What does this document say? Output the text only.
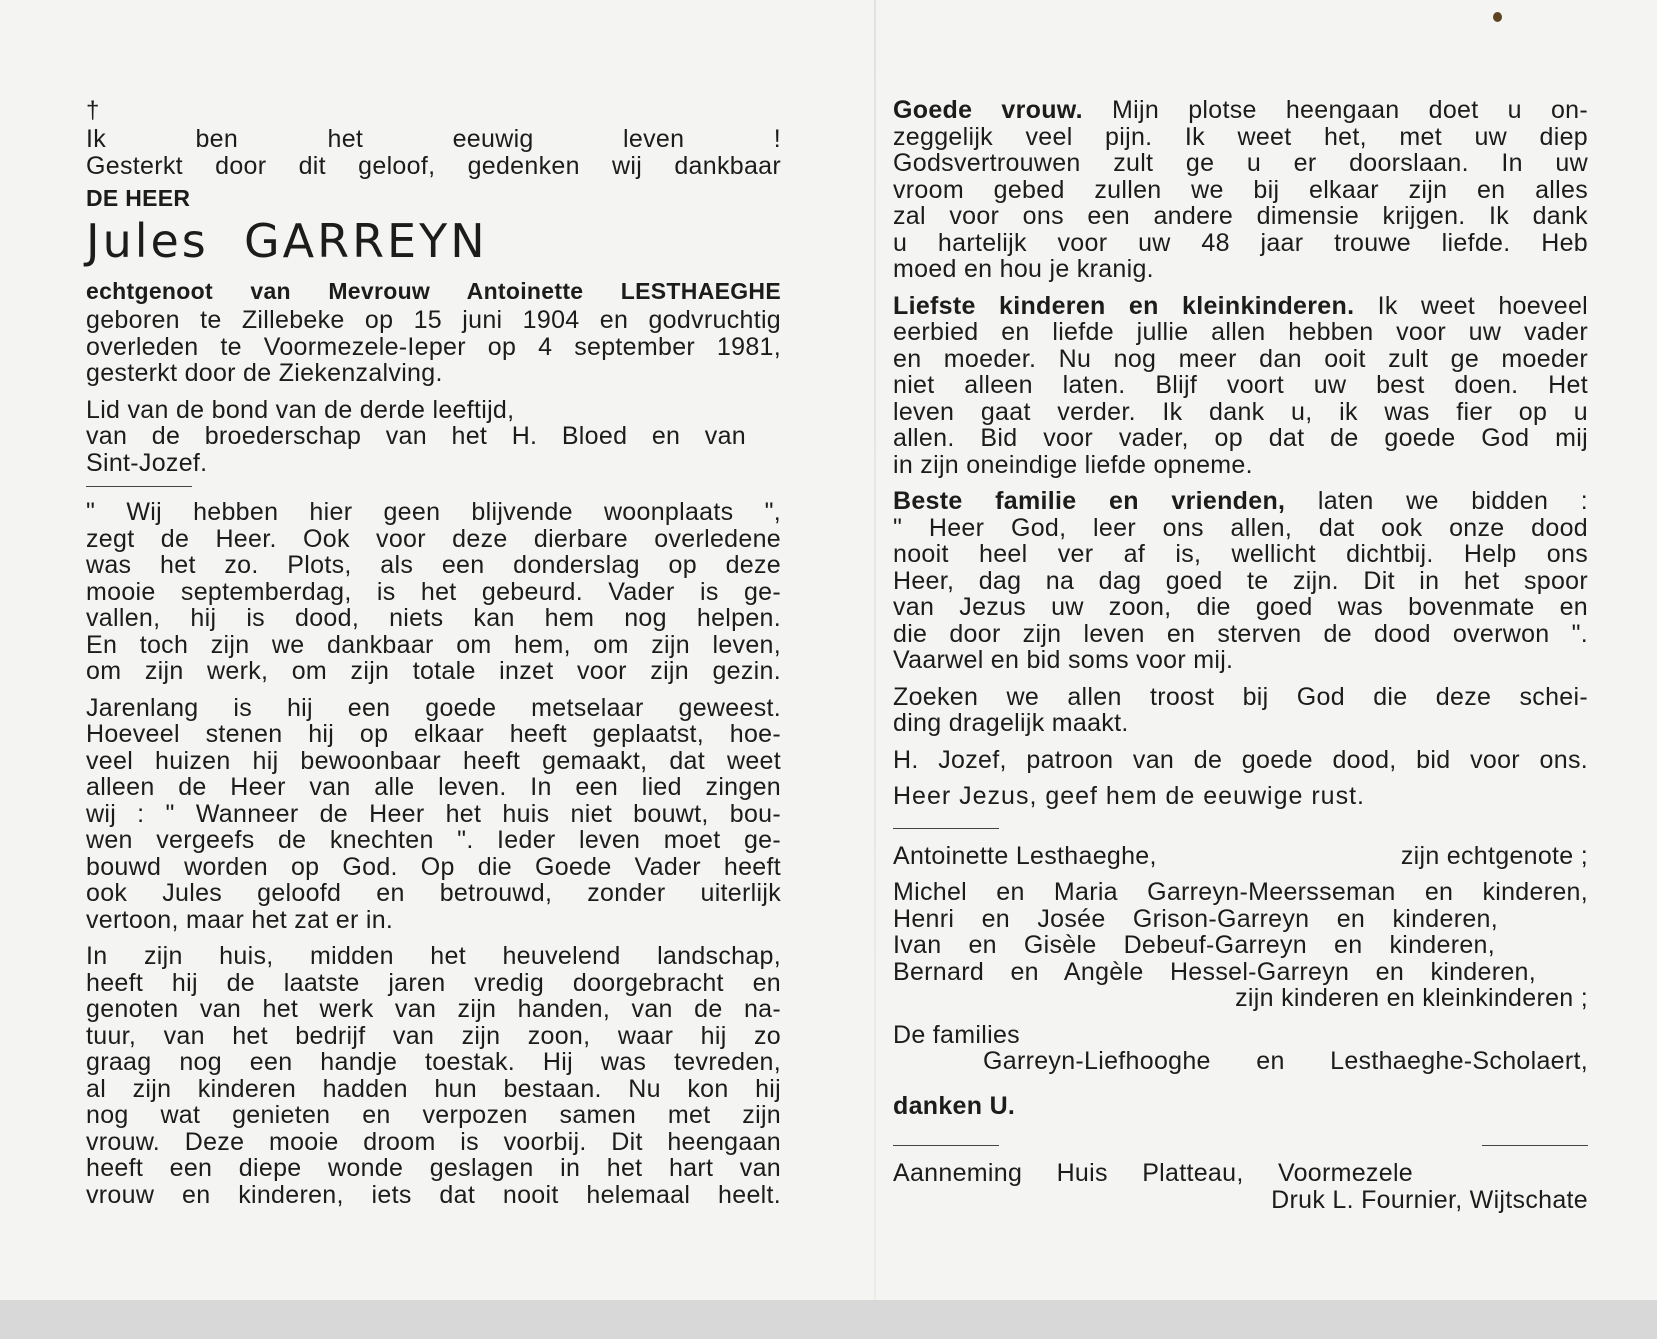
†

Ik ben het eeuwig leven !

Gesterkt door dit geloof, gedenken wij dankbaar

DE HEER

Jules  GARREYN

echtgenoot van Mevrouw Antoinette LESTHAEGHE

geboren te Zillebeke op 15 juni 1904 en godvruchtig

overleden te Voormezele-Ieper op 4 september 1981,

gesterkt door de Ziekenzalving.

Lid van de bond van de derde leeftijd,

van de broederschap van het H. Bloed en van

Sint-Jozef.

" Wij hebben hier geen blijvende woonplaats ",

zegt de Heer. Ook voor deze dierbare overledene

was het zo. Plots, als een donderslag op deze

mooie septemberdag, is het gebeurd. Vader is ge-

vallen, hij is dood, niets kan hem nog helpen.

En toch zijn we dankbaar om hem, om zijn leven,

om zijn werk, om zijn totale inzet voor zijn gezin.

Jarenlang is hij een goede metselaar geweest.

Hoeveel stenen hij op elkaar heeft geplaatst, hoe-

veel huizen hij bewoonbaar heeft gemaakt, dat weet

alleen de Heer van alle leven. In een lied zingen

wij : " Wanneer de Heer het huis niet bouwt, bou-

wen vergeefs de knechten ". Ieder leven moet ge-

bouwd worden op God. Op die Goede Vader heeft

ook Jules geloofd en betrouwd, zonder uiterlijk

vertoon, maar het zat er in.

In zijn huis, midden het heuvelend landschap,

heeft hij de laatste jaren vredig doorgebracht en

genoten van het werk van zijn handen, van de na-

tuur, van het bedrijf van zijn zoon, waar hij zo

graag nog een handje toestak. Hij was tevreden,

al zijn kinderen hadden hun bestaan. Nu kon hij

nog wat genieten en verpozen samen met zijn

vrouw. Deze mooie droom is voorbij. Dit heengaan

heeft een diepe wonde geslagen in het hart van

vrouw en kinderen, iets dat nooit helemaal heelt.

Goede vrouw. Mijn plotse heengaan doet u on-

zeggelijk veel pijn. Ik weet het, met uw diep

Godsvertrouwen zult ge u er doorslaan. In uw

vroom gebed zullen we bij elkaar zijn en alles

zal voor ons een andere dimensie krijgen. Ik dank

u hartelijk voor uw 48 jaar trouwe liefde. Heb

moed en hou je kranig.

Liefste kinderen en kleinkinderen. Ik weet hoeveel

eerbied en liefde jullie allen hebben voor uw vader

en moeder. Nu nog meer dan ooit zult ge moeder

niet alleen laten. Blijf voort uw best doen. Het

leven gaat verder. Ik dank u, ik was fier op u

allen. Bid voor vader, op dat de goede God mij

in zijn oneindige liefde opneme.

Beste familie en vrienden, laten we bidden :

" Heer God, leer ons allen, dat ook onze dood

nooit heel ver af is, wellicht dichtbij. Help ons

Heer, dag na dag goed te zijn. Dit in het spoor

van Jezus uw zoon, die goed was bovenmate en

die door zijn leven en sterven de dood overwon ".

Vaarwel en bid soms voor mij.

Zoeken we allen troost bij God die deze schei-

ding dragelijk maakt.

H. Jozef, patroon van de goede dood, bid voor ons.

Heer Jezus, geef hem de eeuwige rust.

Antoinette Lesthaeghe,	zijn echtgenote ;

Michel en Maria Garreyn-Meersseman en kinderen,

Henri en Josée Grison-Garreyn en kinderen,

Ivan en Gisèle Debeuf-Garreyn en kinderen,

Bernard en Angèle Hessel-Garreyn en kinderen,

zijn kinderen en kleinkinderen ;

De families

Garreyn-Liefhooghe en Lesthaeghe-Scholaert,

danken U.

Aanneming Huis Platteau, Voormezele

Druk L. Fournier, Wijtschate
